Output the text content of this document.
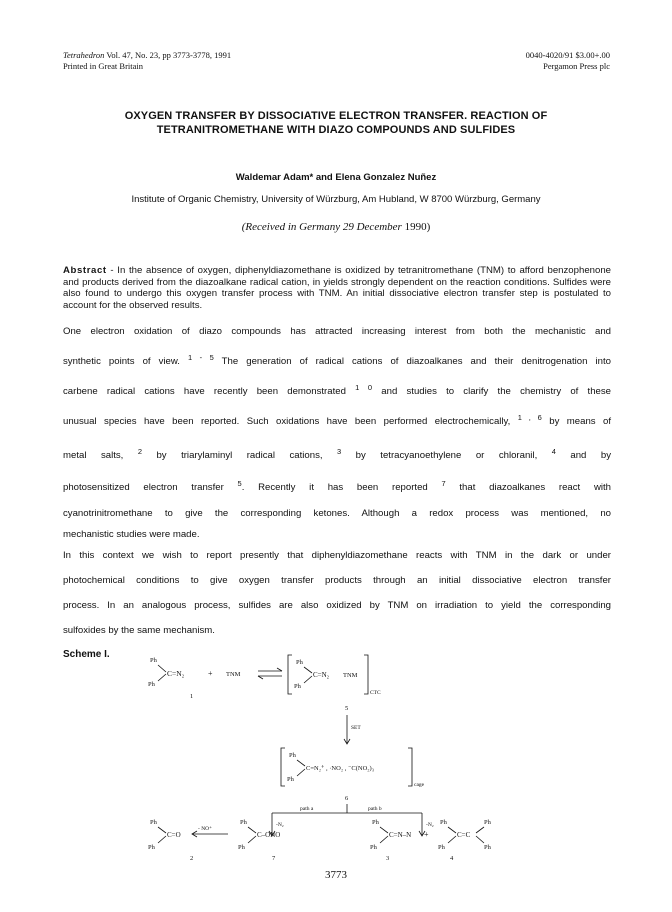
Tetrahedron Vol. 47, No. 23, pp 3773-3778, 1991
Printed in Great Britain
0040-4020/91 $3.00+.00
Pergamon Press plc
OXYGEN TRANSFER BY DISSOCIATIVE ELECTRON TRANSFER. REACTION OF
TETRANITROMETHANE WITH DIAZO COMPOUNDS AND SULFIDES
Waldemar Adam* and Elena Gonzalez Nuñez
Institute of Organic Chemistry, University of Würzburg, Am Hubland, W 8700 Würzburg, Germany
(Received in Germany 29 December 1990)
Abstract - In the absence of oxygen, diphenyldiazomethane is oxidized by tetranitromethane (TNM) to afford benzophenone and products derived from the diazoalkane radical cation, in yields strongly dependent on the reaction conditions. Sulfides were also found to undergo this oxygen transfer process with TNM. An initial dissociative electron transfer step is postulated to account for the observed results.
One electron oxidation of diazo compounds has attracted increasing interest from both the mechanistic and
synthetic points of view. $^{1 - 5}$ The generation of radical cations of diazoalkanes and their denitrogenation into
carbene radical cations have recently been demonstrated $^{1 0}$ and studies to clarify the chemistry of these
unusual species have been reported. Such oxidations have been performed electrochemically, $^{1 , 6}$ by means of
metal salts, $^2$ by triarylaminyl radical cations, $^3$ by tetracyanoethylene or chloranil, $^4$ and by
photosensitized electron transfer $^5$. Recently it has been reported $^7$ that diazoalkanes react with
cyanotrinitromethane to give the corresponding ketones. Although a redox process was mentioned, no
mechanistic studies were made.
In this context we wish to report presently that diphenyldiazomethane reacts with TNM in the dark or under
photochemical conditions to give oxygen transfer products through an initial dissociative electron transfer
process. In an analogous process, sulfides are also oxidized by TNM on irradiation to yield the corresponding
sulfoxides by the same mechanism.
Scheme I.
Ph
Ph
C=N₂
1
+ TNM
Ph
Ph
C=N₂ TNM
CTC
5
SET
Ph
Ph
C=N₂⁺̇ , ·NO₂ , ⁻C(NO₂)₃
cage
6
path a	path b
-N₂	-N₂
Ph
Ph
C=O
2
- NO⁺
Ph
Ph
C–ONO
7
Ph
Ph
C=N–N
3
+
Ph
Ph
C=C
Ph
Ph
4
3773
